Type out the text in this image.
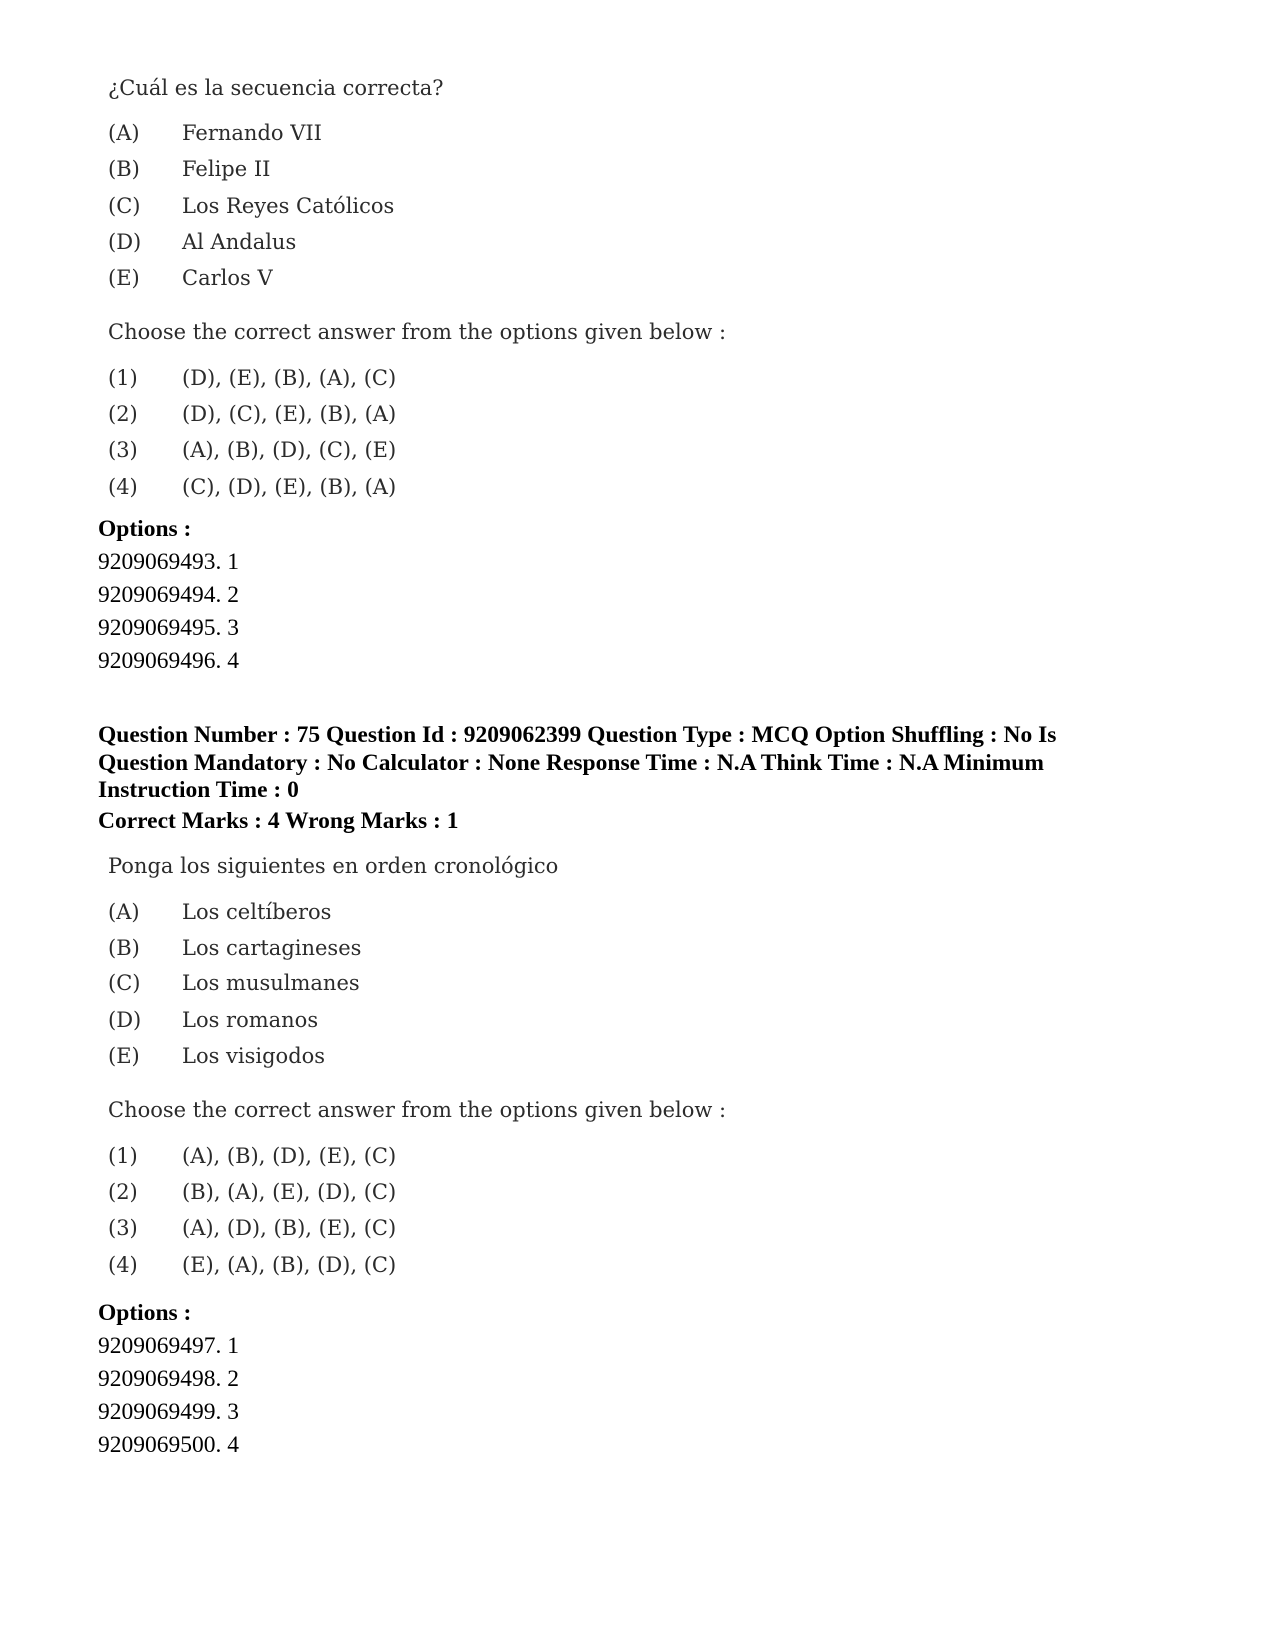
¿Cuál es la secuencia correcta?
(A)	Fernando VII
(B)	Felipe II
(C)	Los Reyes Católicos
(D)	Al Andalus
(E)	Carlos V
Choose the correct answer from the options given below :
(1)	(D), (E), (B), (A), (C)
(2)	(D), (C), (E), (B), (A)
(3)	(A), (B), (D), (C), (E)
(4)	(C), (D), (E), (B), (A)
Options :
9209069493. 1
9209069494. 2
9209069495. 3
9209069496. 4
Question Number : 75 Question Id : 9209062399 Question Type : MCQ Option Shuffling : No Is
Question Mandatory : No Calculator : None Response Time : N.A Think Time : N.A Minimum
Instruction Time : 0
Correct Marks : 4 Wrong Marks : 1
Ponga los siguientes en orden cronológico
(A)	Los celtíberos
(B)	Los cartagineses
(C)	Los musulmanes
(D)	Los romanos
(E)	Los visigodos
Choose the correct answer from the options given below :
(1)	(A), (B), (D), (E), (C)
(2)	(B), (A), (E), (D), (C)
(3)	(A), (D), (B), (E), (C)
(4)	(E), (A), (B), (D), (C)
Options :
9209069497. 1
9209069498. 2
9209069499. 3
9209069500. 4
